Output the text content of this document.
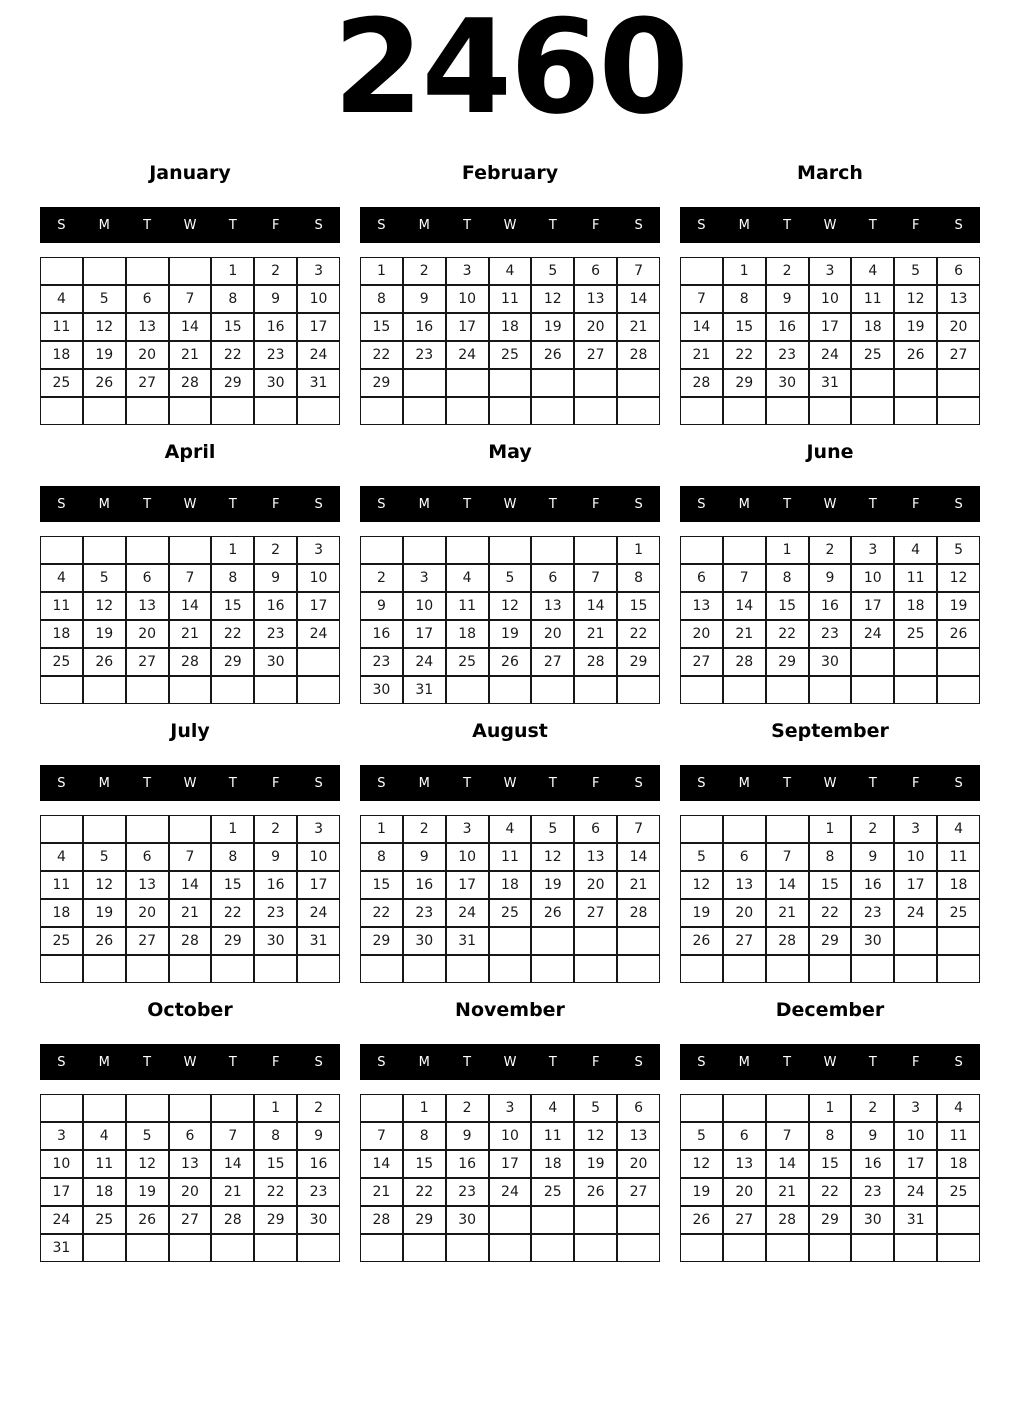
2460
January
S	M	T W T	F	S
				1	2	3
4	5	6	7	8	9	10
11	12	13	14	15	16	17
18	19	20	21	22	23	24
25	26	27	28	29	30	31

February
S	M	T W T	F	S
1	2	3	4	5	6	7
8	9	10	11	12	13	14
15	16	17	18	19	20	21
22	23	24	25	26	27	28
29						

March
S	M	T W T	F	S
	1	2	3	4	5	6
7	8	9	10	11	12	13
14	15	16	17	18	19	20
21	22	23	24	25	26	27
28	29	30	31			

April
S	M	T W T	F	S
				1	2	3
4	5	6	7	8	9	10
11	12	13	14	15	16	17
18	19	20	21	22	23	24
25	26	27	28	29	30	

May
S	M	T W T	F	S
						1
2	3	4	5	6	7	8
9	10	11	12	13	14	15
16	17	18	19	20	21	22
23	24	25	26	27	28	29
30	31					
June
S	M	T W T	F	S
		1	2	3	4	5
6	7	8	9	10	11	12
13	14	15	16	17	18	19
20	21	22	23	24	25	26
27	28	29	30			

July
S	M	T W T	F	S
				1	2	3
4	5	6	7	8	9	10
11	12	13	14	15	16	17
18	19	20	21	22	23	24
25	26	27	28	29	30	31

August
S	M	T W T	F	S
1	2	3	4	5	6	7
8	9	10	11	12	13	14
15	16	17	18	19	20	21
22	23	24	25	26	27	28
29	30	31				

September
S	M	T W T	F	S
			1	2	3	4
5	6	7	8	9	10	11
12	13	14	15	16	17	18
19	20	21	22	23	24	25
26	27	28	29	30		

October
S	M	T W T	F	S
					1	2
3	4	5	6	7	8	9
10	11	12	13	14	15	16
17	18	19	20	21	22	23
24	25	26	27	28	29	30
31						
November
S	M	T W T	F	S
	1	2	3	4	5	6
7	8	9	10	11	12	13
14	15	16	17	18	19	20
21	22	23	24	25	26	27
28	29	30				

December
S	M	T W T	F	S
			1	2	3	4
5	6	7	8	9	10	11
12	13	14	15	16	17	18
19	20	21	22	23	24	25
26	27	28	29	30	31	
